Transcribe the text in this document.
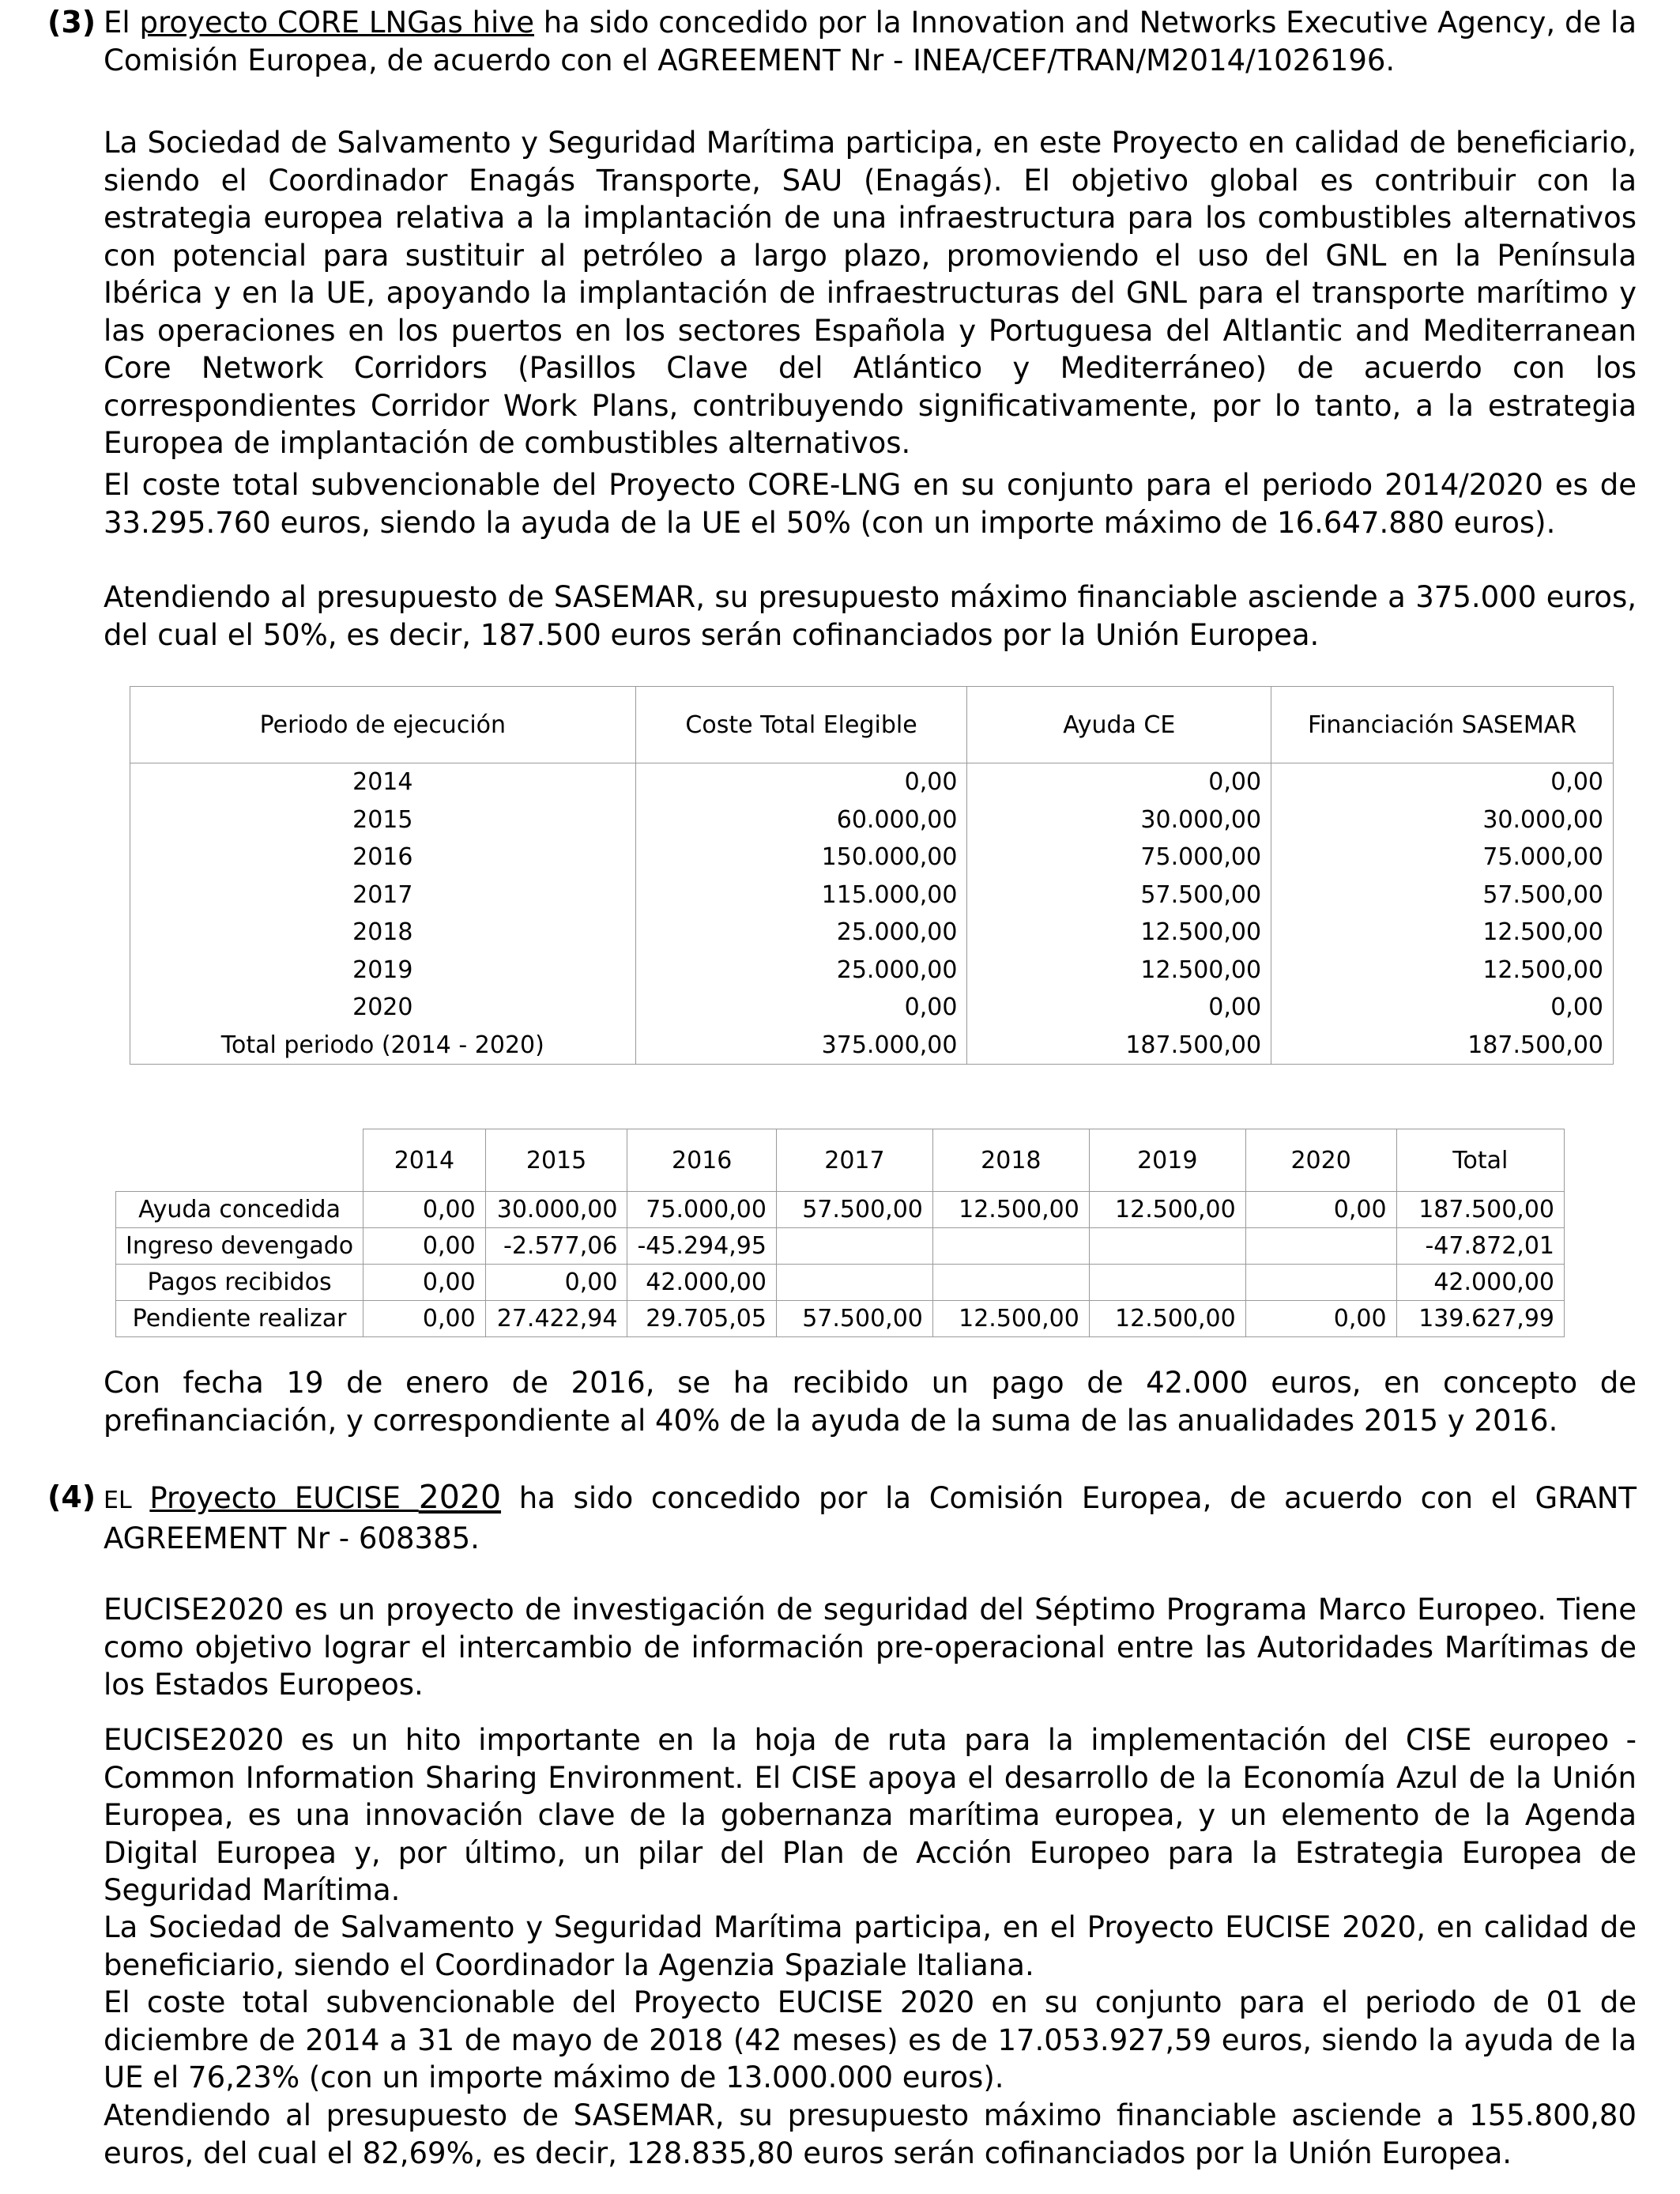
(3) El proyecto CORE LNGas hive ha sido concedido por la Innovation and Networks Executive Agency, de la Comisión Europea, de acuerdo con el AGREEMENT Nr - INEA/CEF/TRAN/M2014/1026196.

La Sociedad de Salvamento y Seguridad Marítima participa, en este Proyecto en calidad de beneficiario, siendo el Coordinador Enagás Transporte, SAU (Enagás). El objetivo global es contribuir con la estrategia europea relativa a la implantación de una infraestructura para los combustibles alternativos con potencial para sustituir al petróleo a largo plazo, promoviendo el uso del GNL en la Península Ibérica y en la UE, apoyando la implantación de infraestructuras del GNL para el transporte marítimo y las operaciones en los puertos en los sectores Española y Portuguesa del Altlantic and Mediterranean Core Network Corridors (Pasillos Clave del Atlántico y Mediterráneo) de acuerdo con los correspondientes Corridor Work Plans, contribuyendo significativamente, por lo tanto, a la estrategia Europea de implantación de combustibles alternativos.

El coste total subvencionable del Proyecto CORE-LNG en su conjunto para el periodo 2014/2020 es de 33.295.760 euros, siendo la ayuda de la UE el 50% (con un importe máximo de 16.647.880 euros).

Atendiendo al presupuesto de SASEMAR, su presupuesto máximo financiable asciende a 375.000 euros, del cual el 50%, es decir, 187.500 euros serán cofinanciados por la Unión Europea.

Periodo de ejecución	Coste Total Elegible	Ayuda CE	Financiación SASEMAR
2014	0,00	0,00	0,00
2015	60.000,00	30.000,00	30.000,00
2016	150.000,00	75.000,00	75.000,00
2017	115.000,00	57.500,00	57.500,00
2018	25.000,00	12.500,00	12.500,00
2019	25.000,00	12.500,00	12.500,00
2020	0,00	0,00	0,00
Total periodo (2014 - 2020)	375.000,00	187.500,00	187.500,00
	2014	2015	2016	2017	2018	2019	2020	Total
Ayuda concedida	0,00	30.000,00	75.000,00	57.500,00	12.500,00	12.500,00	0,00	187.500,00
Ingreso devengado	0,00	-2.577,06	-45.294,95					-47.872,01
Pagos recibidos	0,00	0,00	42.000,00					42.000,00
Pendiente realizar	0,00	27.422,94	29.705,05	57.500,00	12.500,00	12.500,00	0,00	139.627,99

Con fecha 19 de enero de 2016, se ha recibido un pago de 42.000 euros, en concepto de prefinanciación, y correspondiente al 40% de la ayuda de la suma de las anualidades 2015 y 2016.

(4) EL Proyecto EUCISE 2020 ha sido concedido por la Comisión Europea, de acuerdo con el GRANT AGREEMENT Nr - 608385.

EUCISE2020 es un proyecto de investigación de seguridad del Séptimo Programa Marco Europeo. Tiene como objetivo lograr el intercambio de información pre-operacional entre las Autoridades Marítimas de los Estados Europeos.

EUCISE2020 es un hito importante en la hoja de ruta para la implementación del CISE europeo - Common Information Sharing Environment. El CISE apoya el desarrollo de la Economía Azul de la Unión Europea, es una innovación clave de la gobernanza marítima europea, y un elemento de la Agenda Digital Europea y, por último, un pilar del Plan de Acción Europeo para la Estrategia Europea de Seguridad Marítima.

La Sociedad de Salvamento y Seguridad Marítima participa, en el Proyecto EUCISE 2020, en calidad de beneficiario, siendo el Coordinador la Agenzia Spaziale Italiana.

El coste total subvencionable del Proyecto EUCISE 2020 en su conjunto para el periodo de 01 de diciembre de 2014 a 31 de mayo de 2018 (42 meses) es de 17.053.927,59 euros, siendo la ayuda de la UE el 76,23% (con un importe máximo de 13.000.000 euros).

Atendiendo al presupuesto de SASEMAR, su presupuesto máximo financiable asciende a 155.800,80 euros, del cual el 82,69%, es decir, 128.835,80 euros serán cofinanciados por la Unión Europea.
